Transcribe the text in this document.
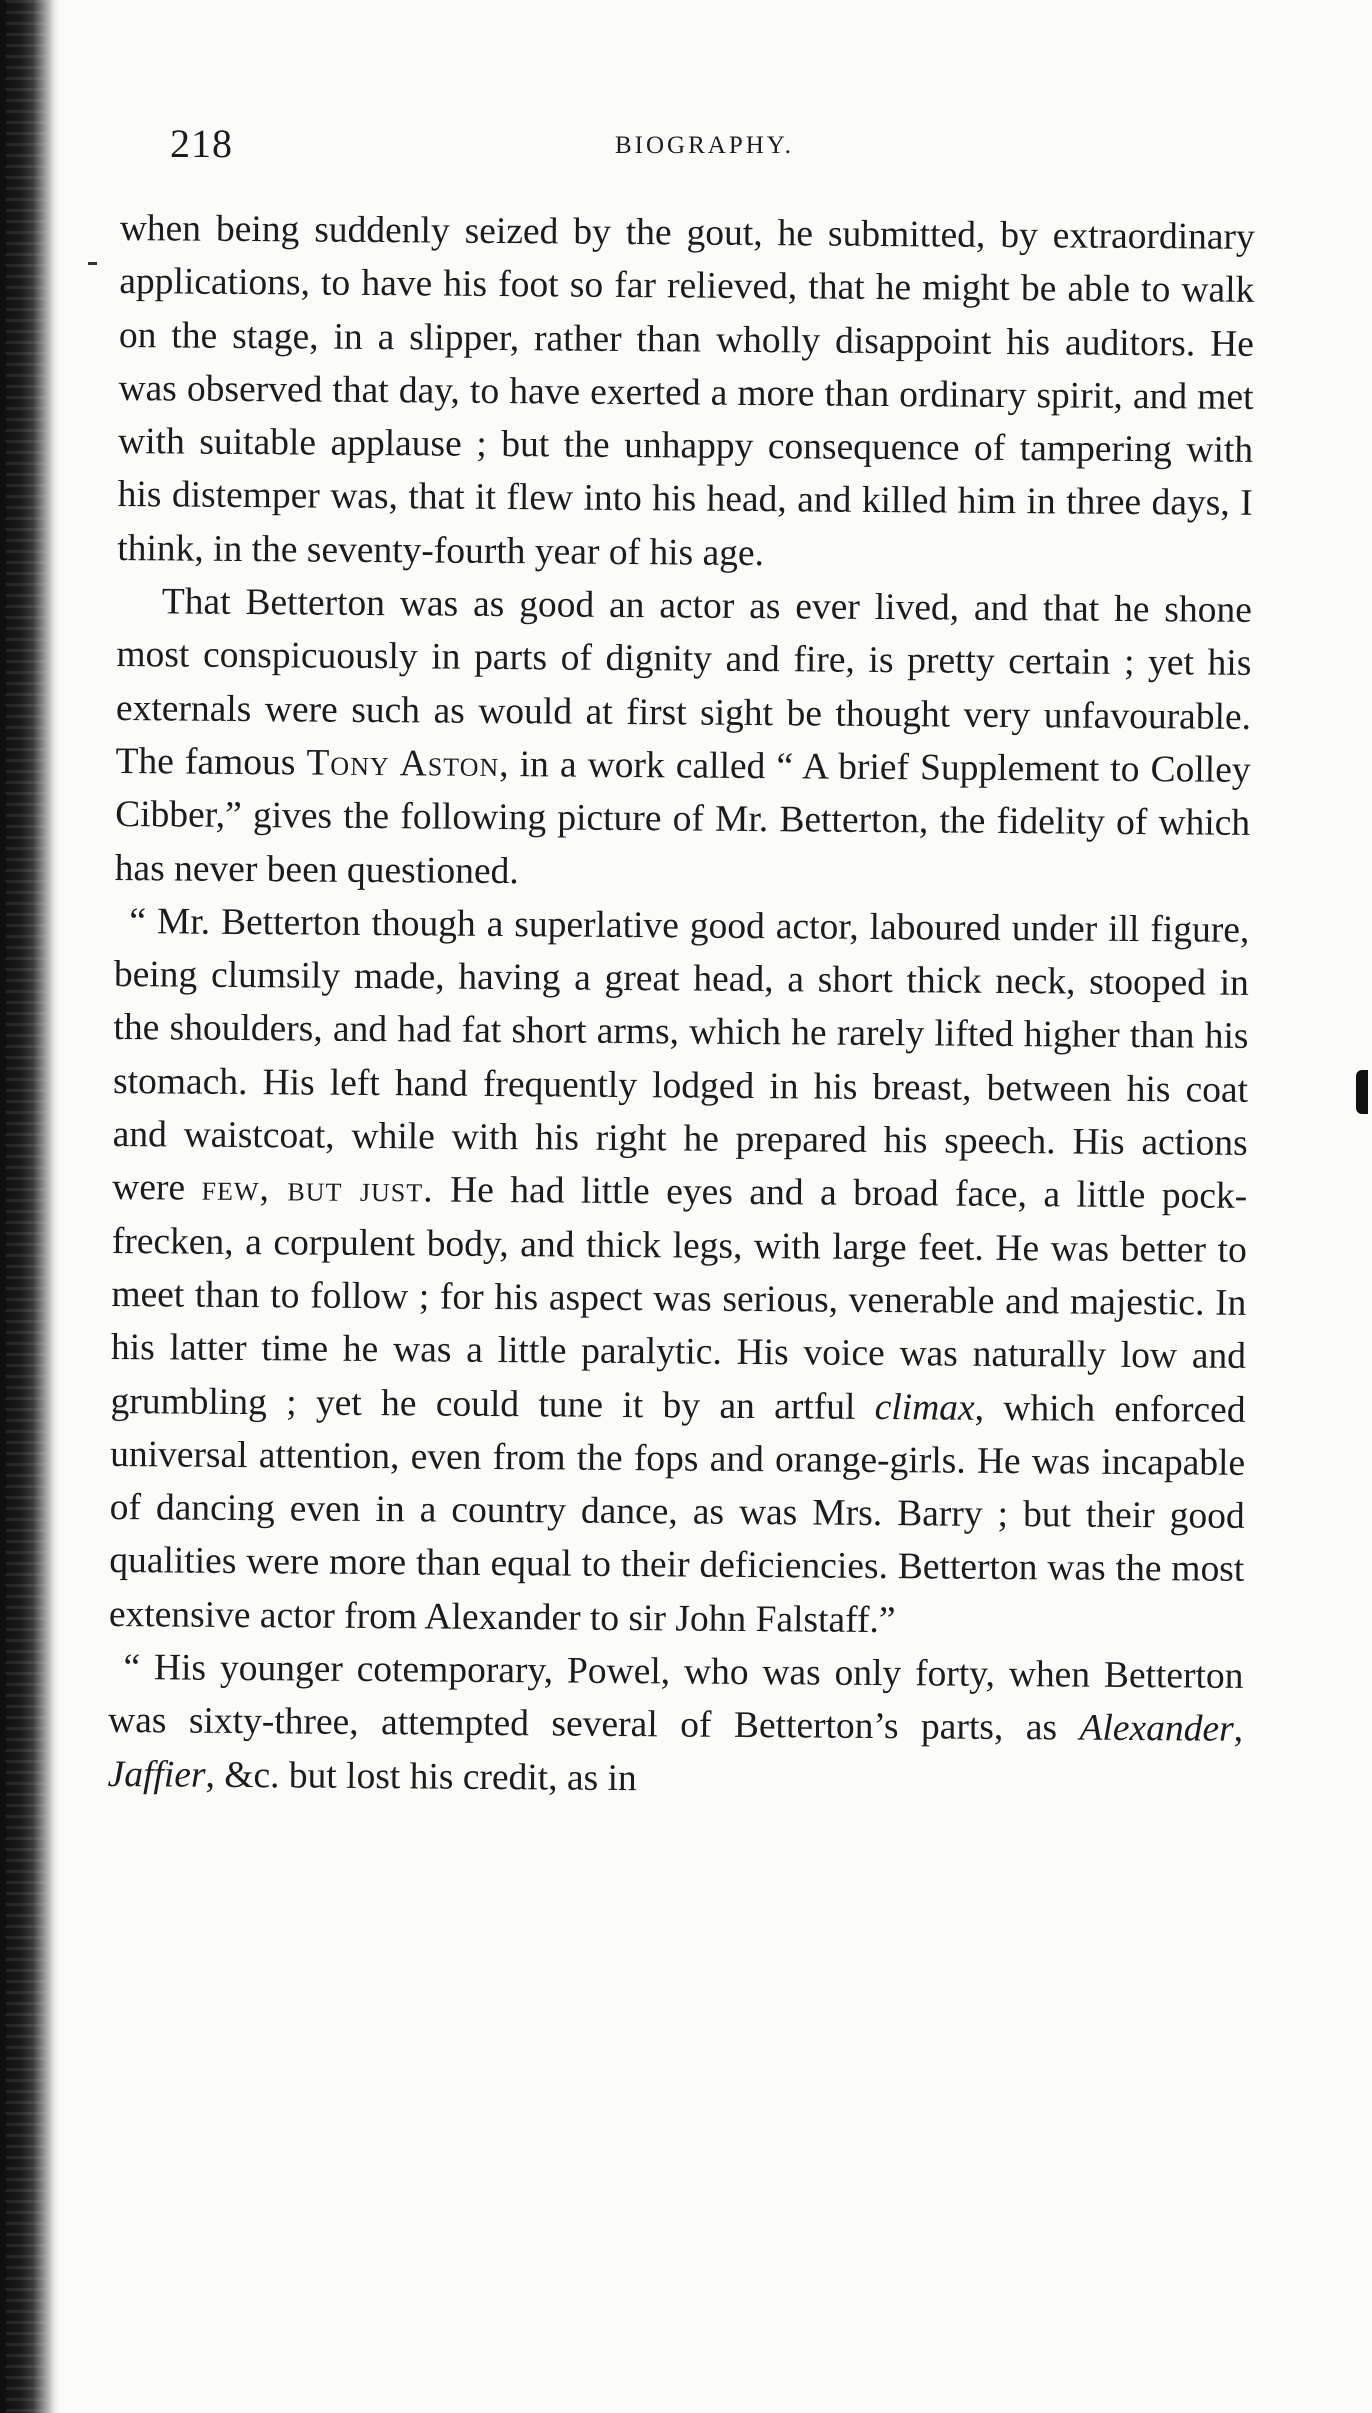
218	BIOGRAPHY.

when being suddenly seized by the gout, he submitted, by extraordinary applications, to have his foot so far relieved, that he might be able to walk on the stage, in a slipper, rather than wholly disappoint his auditors. He was observed that day, to have exerted a more than ordinary spirit, and met with suitable applause ; but the unhappy consequence of tampering with his distemper was, that it flew into his head, and killed him in three days, I think, in the seventy-fourth year of his age.

That Betterton was as good an actor as ever lived, and that he shone most conspicuously in parts of dignity and fire, is pretty certain ; yet his externals were such as would at first sight be thought very unfavourable. The famous Tony Aston, in a work called “ A brief Supplement to Colley Cibber,” gives the following picture of Mr. Betterton, the fidelity of which has never been questioned.

“ Mr. Betterton though a superlative good actor, laboured under ill figure, being clumsily made, having a great head, a short thick neck, stooped in the shoulders, and had fat short arms, which he rarely lifted higher than his stomach. His left hand frequently lodged in his breast, between his coat and waistcoat, while with his right he prepared his speech. His actions were few, but just. He had little eyes and a broad face, a little pock-frecken, a corpulent body, and thick legs, with large feet. He was better to meet than to follow ; for his aspect was serious, venerable and majestic. In his latter time he was a little paralytic. His voice was naturally low and grumbling ; yet he could tune it by an artful climax, which enforced universal attention, even from the fops and orange-girls. He was incapable of dancing even in a country dance, as was Mrs. Barry ; but their good qualities were more than equal to their deficiencies. Betterton was the most extensive actor from Alexander to sir John Falstaff.”

“ His younger cotemporary, Powel, who was only forty, when Betterton was sixty-three, attempted several of Betterton’s parts, as Alexander, Jaffier, &c. but lost his credit, as in
